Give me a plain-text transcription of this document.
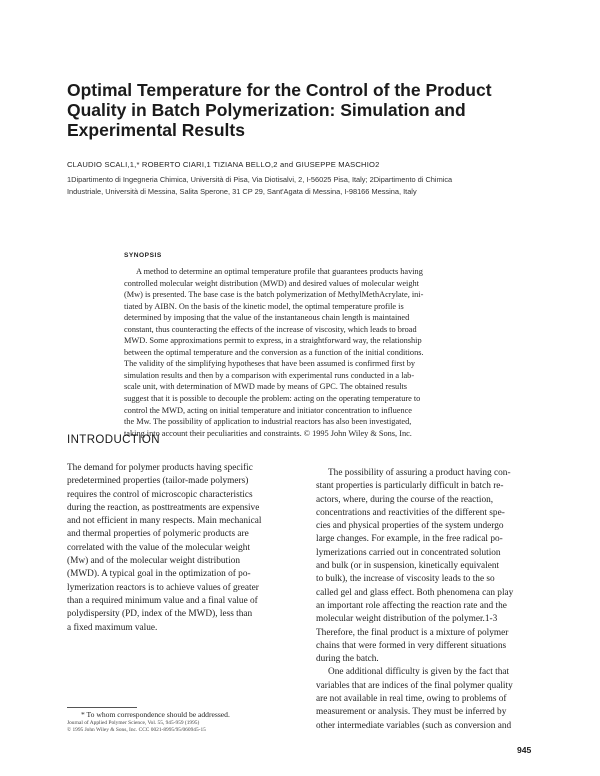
Optimal Temperature for the Control of the Product
Quality in Batch Polymerization: Simulation and
Experimental Results
CLAUDIO SCALI,1,* ROBERTO CIARI,1 TIZIANA BELLO,2 and GIUSEPPE MASCHIO2
1Dipartimento di Ingegneria Chimica, Università di Pisa, Via Diotisalvi, 2, I-56025 Pisa, Italy; 2Dipartimento di Chimica
Industriale, Università di Messina, Salita Sperone, 31 CP 29, Sant'Agata di Messina, I-98166 Messina, Italy
SYNOPSIS
A method to determine an optimal temperature profile that guarantees products having
controlled molecular weight distribution (MWD) and desired values of molecular weight
(Mw) is presented. The base case is the batch polymerization of MethylMethAcrylate, ini-
tiated by AIBN. On the basis of the kinetic model, the optimal temperature profile is
determined by imposing that the value of the instantaneous chain length is maintained
constant, thus counteracting the effects of the increase of viscosity, which leads to broad
MWD. Some approximations permit to express, in a straightforward way, the relationship
between the optimal temperature and the conversion as a function of the initial conditions.
The validity of the simplifying hypotheses that have been assumed is confirmed first by
simulation results and then by a comparison with experimental runs conducted in a lab-
scale unit, with determination of MWD made by means of GPC. The obtained results
suggest that it is possible to decouple the problem: acting on the operating temperature to
control the MWD, acting on initial temperature and initiator concentration to influence
the Mw. The possibility of application to industrial reactors has also been investigated,
taking into account their peculiarities and constraints. © 1995 John Wiley & Sons, Inc.
INTRODUCTION
The demand for polymer products having specific
predetermined properties (tailor-made polymers)
requires the control of microscopic characteristics
during the reaction, as posttreatments are expensive
and not efficient in many respects. Main mechanical
and thermal properties of polymeric products are
correlated with the value of the molecular weight
(Mw) and of the molecular weight distribution
(MWD). A typical goal in the optimization of po-
lymerization reactors is to achieve values of greater
than a required minimum value and a final value of
polydispersity (PD, index of the MWD), less than
a fixed maximum value.
The possibility of assuring a product having con-
stant properties is particularly difficult in batch re-
actors, where, during the course of the reaction,
concentrations and reactivities of the different spe-
cies and physical properties of the system undergo
large changes. For example, in the free radical po-
lymerizations carried out in concentrated solution
and bulk (or in suspension, kinetically equivalent
to bulk), the increase of viscosity leads to the so
called gel and glass effect. Both phenomena can play
an important role affecting the reaction rate and the
molecular weight distribution of the polymer.1-3
Therefore, the final product is a mixture of polymer
chains that were formed in very different situations
during the batch.
One additional difficulty is given by the fact that
variables that are indices of the final polymer quality
are not available in real time, owing to problems of
measurement or analysis. They must be inferred by
other intermediate variables (such as conversion and
* To whom correspondence should be addressed.
Journal of Applied Polymer Science, Vol. 55, 945-959 (1995)
© 1995 John Wiley & Sons, Inc. CCC 0021-8995/95/060945-15
945
